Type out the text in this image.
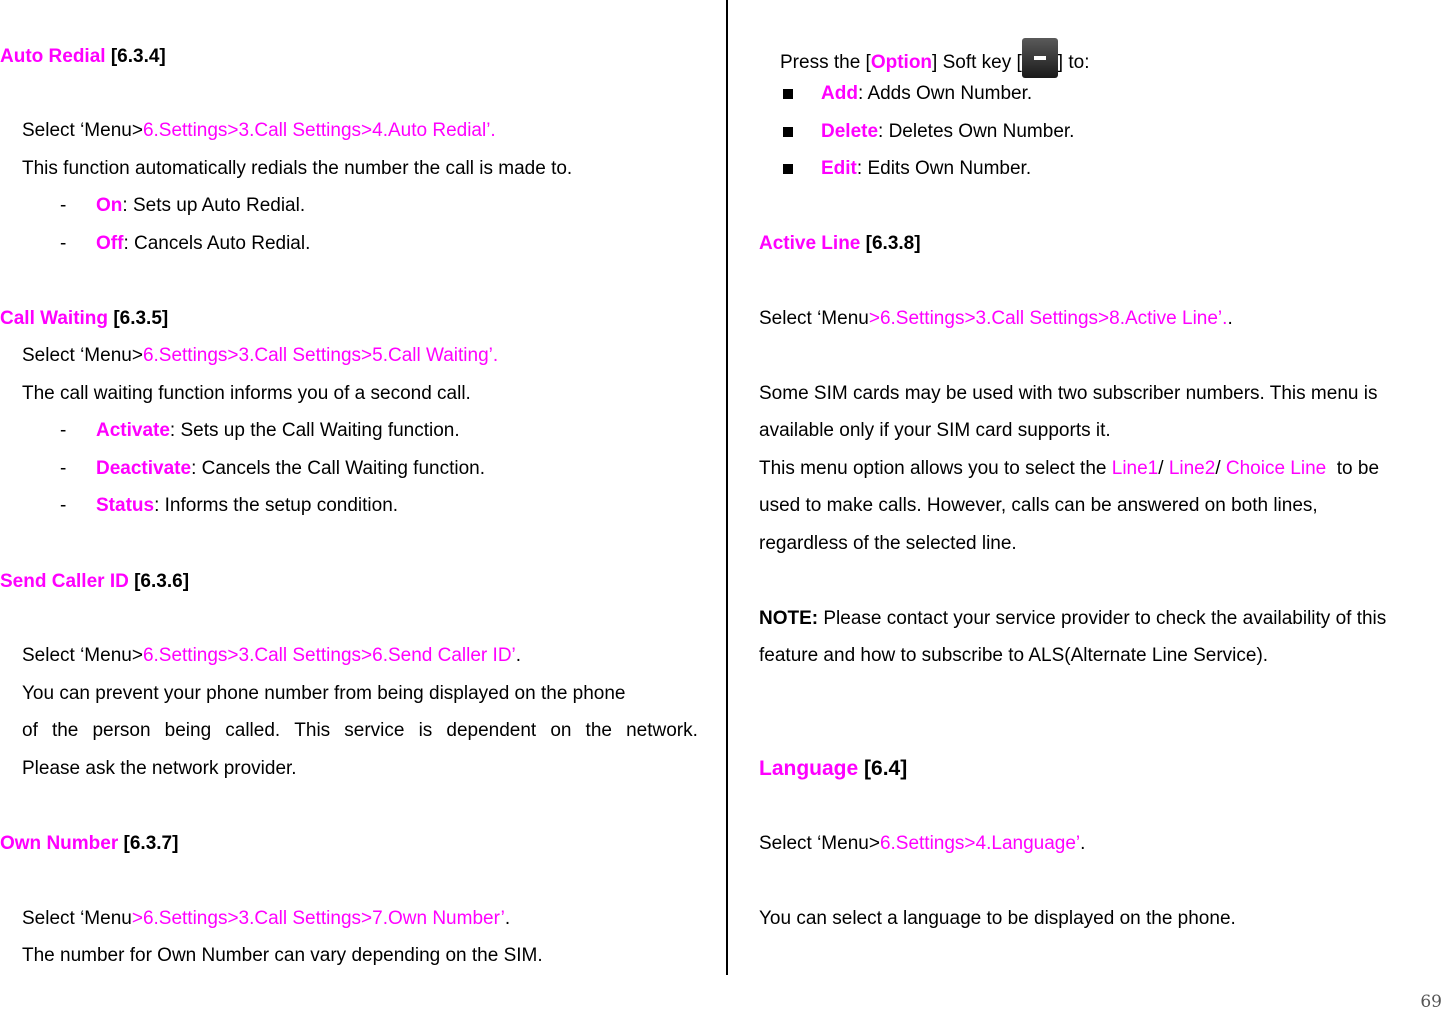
Auto Redial [6.3.4]
Select ‘Menu>6.Settings>3.Call Settings>4.Auto Redial’.
This function automatically redials the number the call is made to.
- On: Sets up Auto Redial.
- Off: Cancels Auto Redial.
Call Waiting [6.3.5]
Select ‘Menu>6.Settings>3.Call Settings>5.Call Waiting’.
The call waiting function informs you of a second call.
- Activate: Sets up the Call Waiting function.
- Deactivate: Cancels the Call Waiting function.
- Status: Informs the setup condition.
Send Caller ID [6.3.6]
Select ‘Menu>6.Settings>3.Call Settings>6.Send Caller ID’.
You can prevent your phone number from being displayed on the phone
of the person being called. This service is dependent on the network.
Please ask the network provider.
Own Number [6.3.7]
Select ‘Menu>6.Settings>3.Call Settings>7.Own Number’.
The number for Own Number can vary depending on the SIM.
Press the [Option] Soft key [ ] to:
Add: Adds Own Number.
Delete: Deletes Own Number.
Edit: Edits Own Number.
Active Line [6.3.8]
Select ‘Menu>6.Settings>3.Call Settings>8.Active Line’..
Some SIM cards may be used with two subscriber numbers. This menu is
available only if your SIM card supports it.
This menu option allows you to select the Line1/ Line2/ Choice Line  to be
used to make calls. However, calls can be answered on both lines,
regardless of the selected line.
NOTE: Please contact your service provider to check the availability of this
feature and how to subscribe to ALS(Alternate Line Service).
Language [6.4]
Select ‘Menu>6.Settings>4.Language’.
You can select a language to be displayed on the phone.
69
